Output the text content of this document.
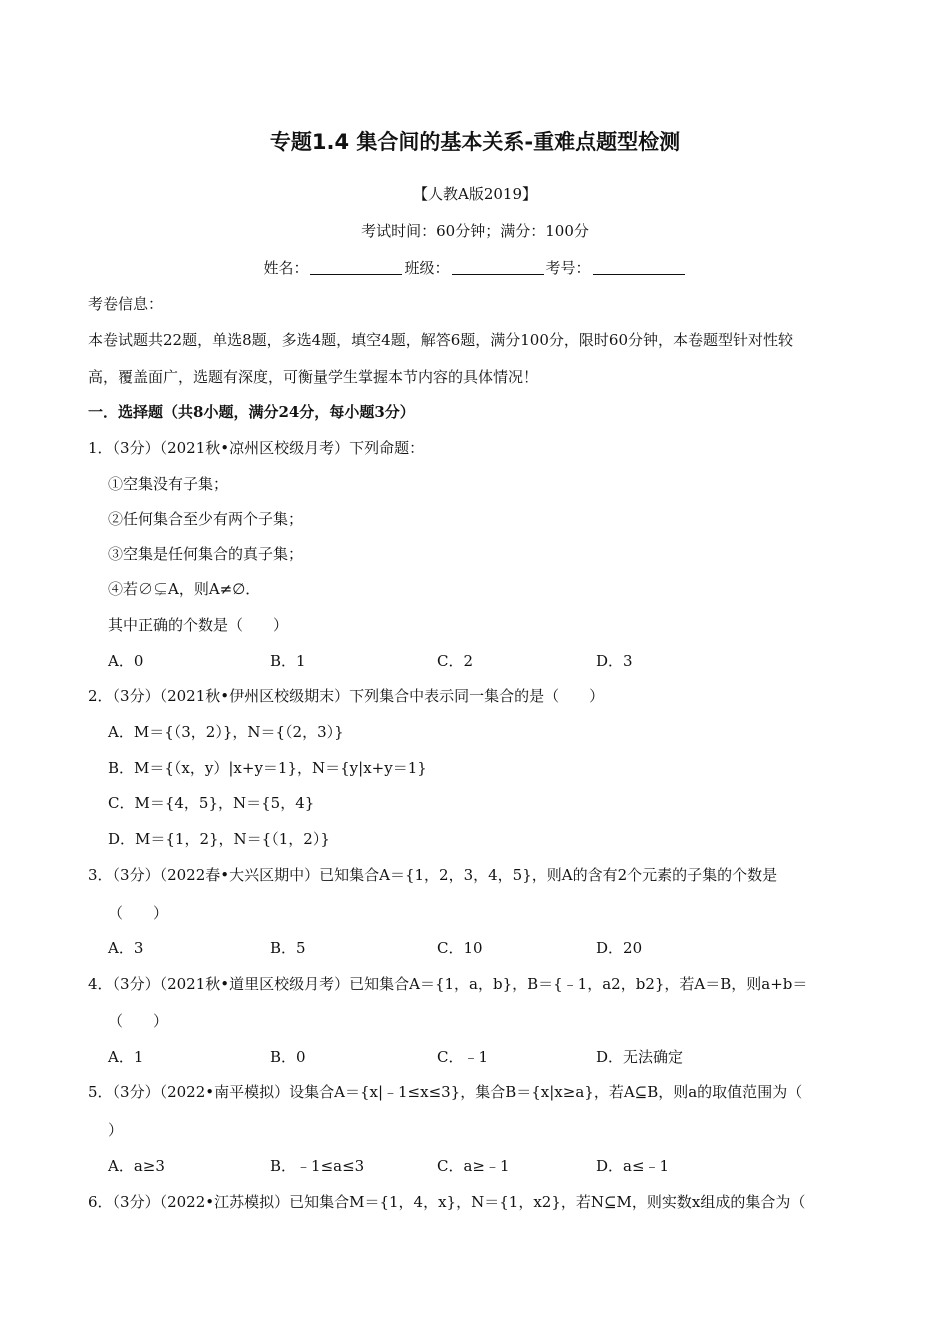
专题1.4 集合间的基本关系-重难点题型检测
【人教A版2019】
考试时间：60分钟；满分：100分
姓名：	班级：	考号：
考卷信息：
本卷试题共22题，单选8题，多选4题，填空4题，解答6题，满分100分，限时60分钟，本卷题型针对性较
高，覆盖面广，选题有深度，可衡量学生掌握本节内容的具体情况！
一．选择题（共8小题，满分24分，每小题3分）
1．（3分）（2021秋•凉州区校级月考）下列命题：
①空集没有子集；
②任何集合至少有两个子集；
③空集是任何集合的真子集；
④若∅⊊A，则A≠∅．
其中正确的个数是（　　）
A．0	B．1	C．2	D．3
2．（3分）（2021秋•伊州区校级期末）下列集合中表示同一集合的是（　　）
A．M＝{（3，2）}，N＝{（2，3）}
B．M＝{（x，y）|x+y＝1}，N＝{y|x+y＝1}
C．M＝{4，5}，N＝{5，4}
D．M＝{1，2}，N＝{（1，2）}
3．（3分）（2022春•大兴区期中）已知集合A＝{1，2，3，4，5}，则A的含有2个元素的子集的个数是
（　　）
A．3	B．5	C．10	D．20
4．（3分）（2021秋•道里区校级月考）已知集合A＝{1，a，b}，B＝{﹣1，a2，b2}，若A＝B，则a+b＝
（　　）
A．1	B．0	C．﹣1	D．无法确定
5．（3分）（2022•南平模拟）设集合A＝{x|﹣1≤x≤3}，集合B＝{x|x≥a}，若A⊆B，则a的取值范围为（
）
A．a≥3	B．﹣1≤a≤3	C．a≥﹣1	D．a≤﹣1
6．（3分）（2022•江苏模拟）已知集合M＝{1，4，x}，N＝{1，x2}，若N⊆M，则实数x组成的集合为（
